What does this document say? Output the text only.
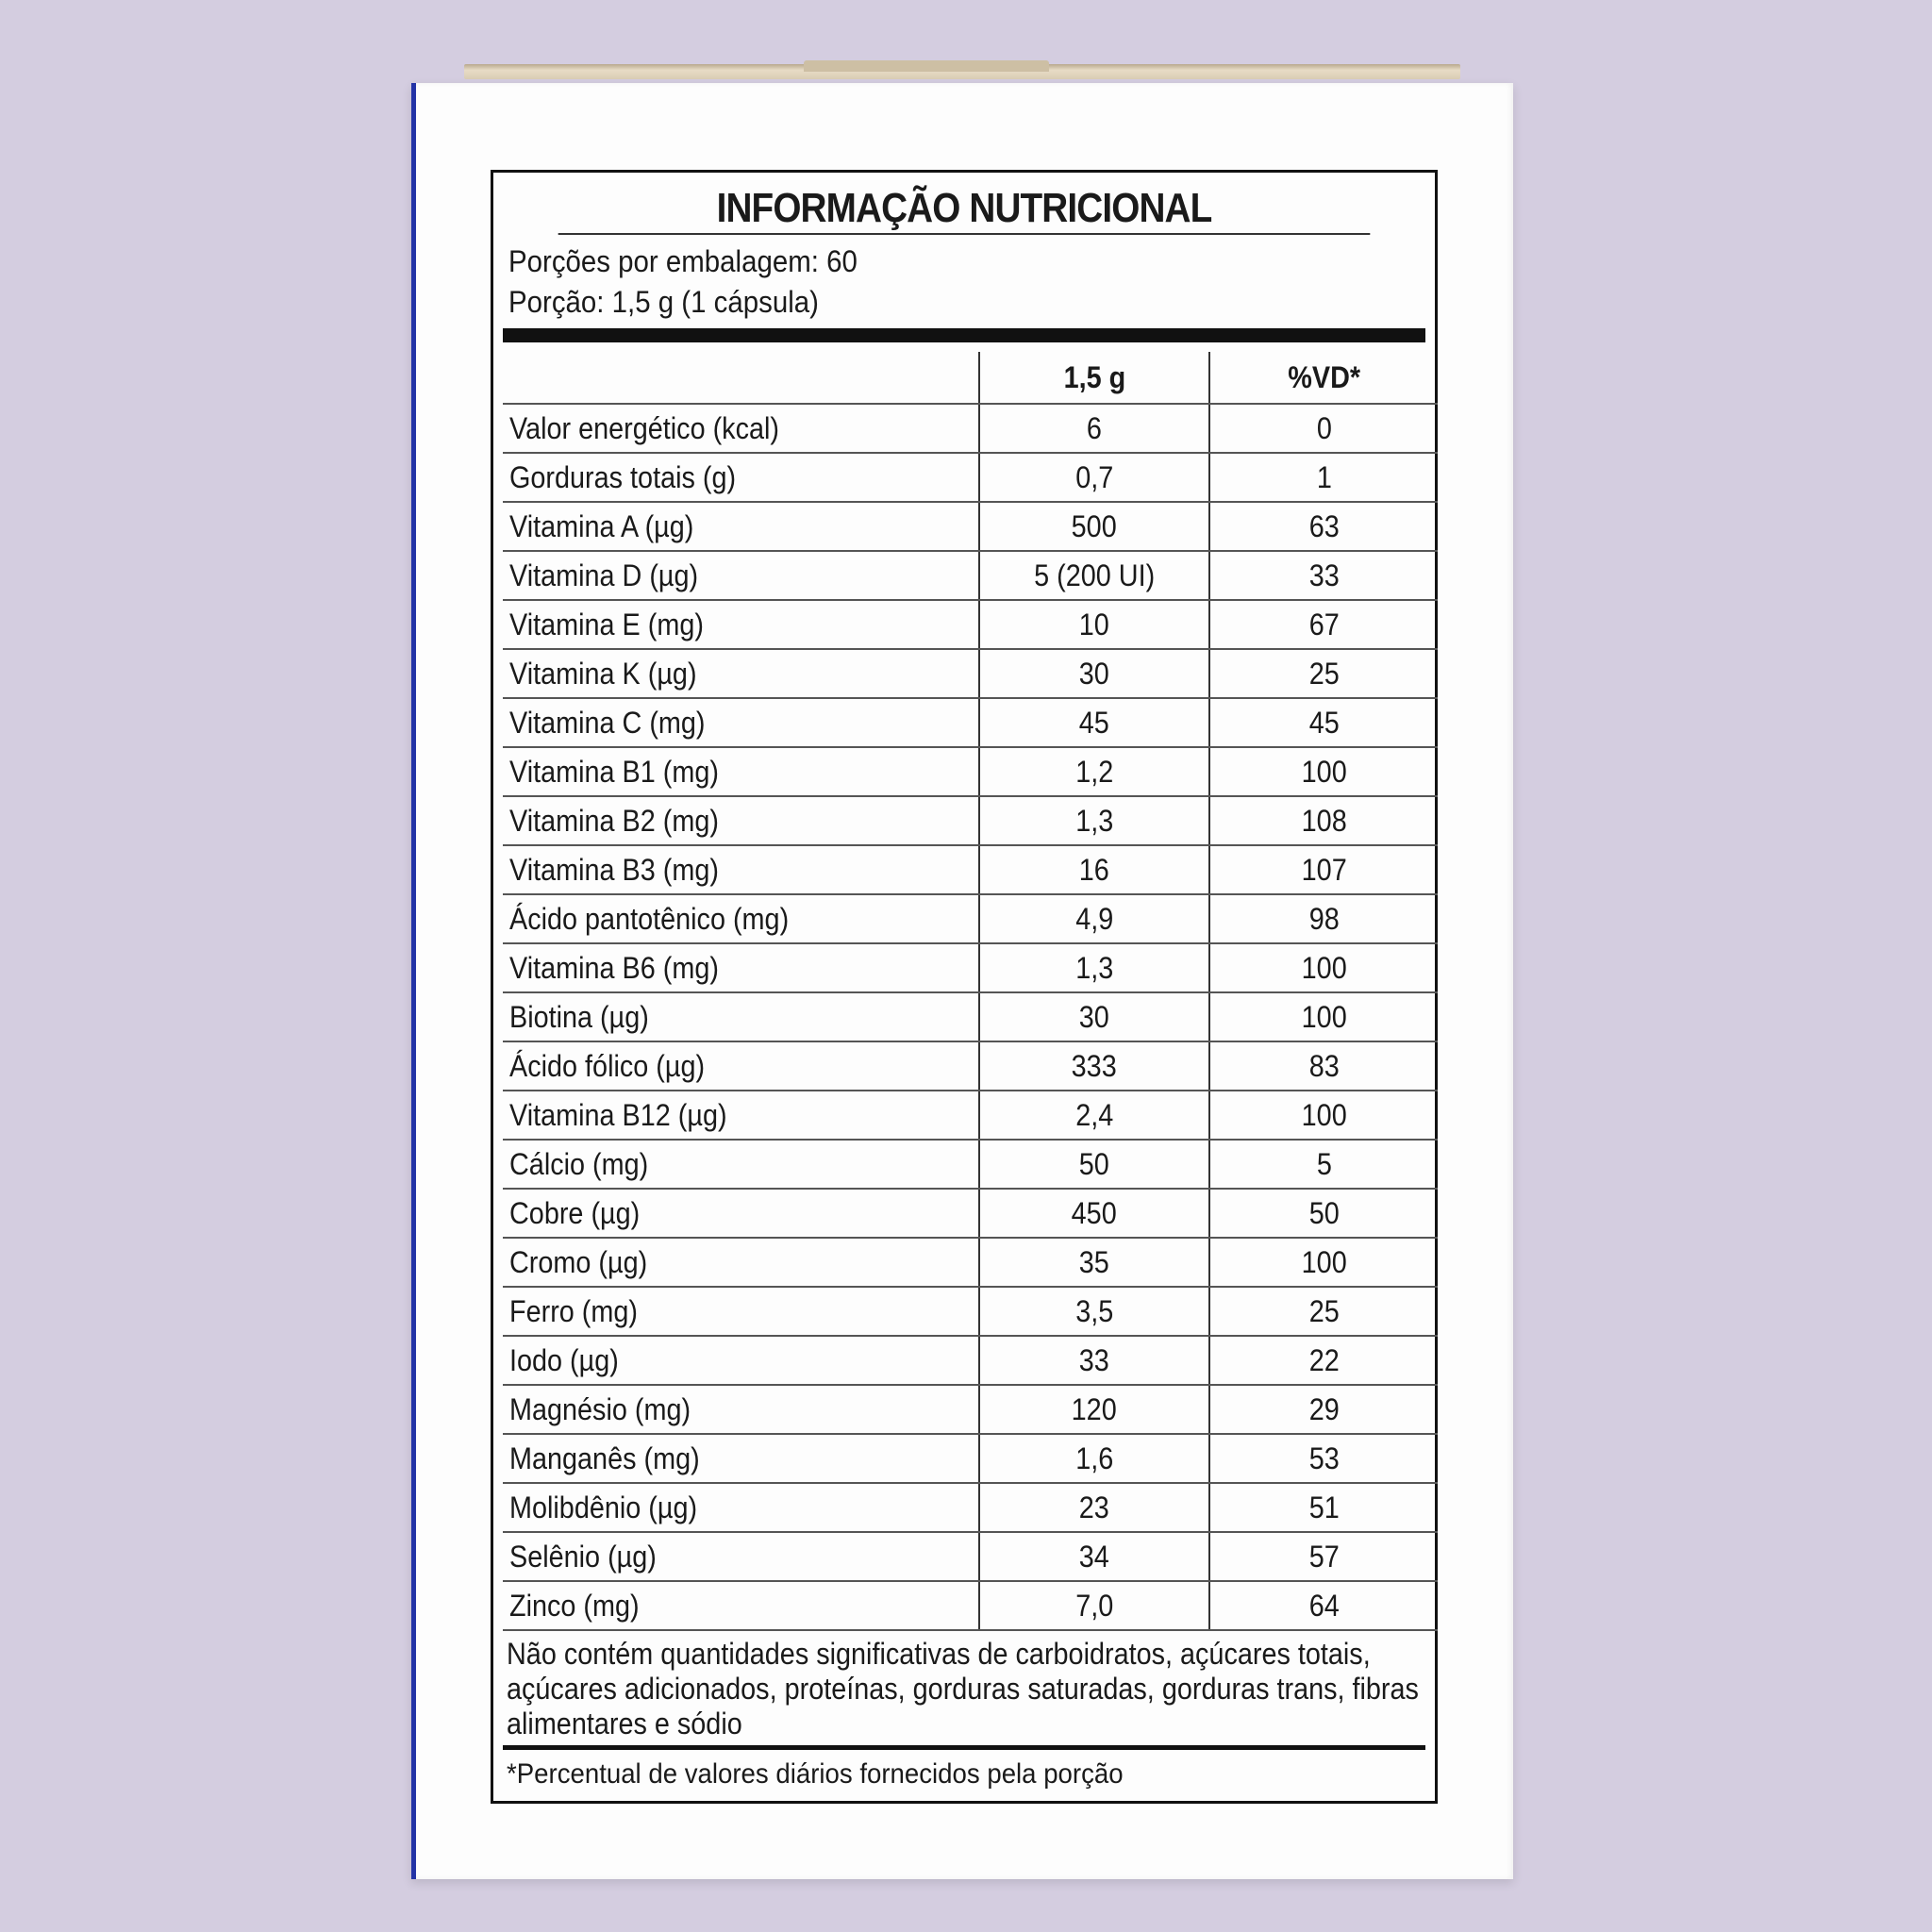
INFORMAÇÃO NUTRICIONAL
Porções por embalagem: 60
Porção: 1,5 g (1 cápsula)
	1,5 g	%VD*
Valor energético (kcal)	6	0
Gorduras totais (g)	0,7	1
Vitamina A (µg)	500	63
Vitamina D (µg)	5 (200 UI)	33
Vitamina E (mg)	10	67
Vitamina K (µg)	30	25
Vitamina C (mg)	45	45
Vitamina B1 (mg)	1,2	100
Vitamina B2 (mg)	1,3	108
Vitamina B3 (mg)	16	107
Ácido pantotênico (mg)	4,9	98
Vitamina B6 (mg)	1,3	100
Biotina (µg)	30	100
Ácido fólico (µg)	333	83
Vitamina B12 (µg)	2,4	100
Cálcio (mg)	50	5
Cobre (µg)	450	50
Cromo (µg)	35	100
Ferro (mg)	3,5	25
Iodo (µg)	33	22
Magnésio (mg)	120	29
Manganês (mg)	1,6	53
Molibdênio (µg)	23	51
Selênio (µg)	34	57
Zinco (mg)	7,0	64
Não contém quantidades significativas de carboidratos, açúcares totais, açúcares adicionados, proteínas, gorduras saturadas, gorduras trans, fibras alimentares e sódio
*Percentual de valores diários fornecidos pela porção
